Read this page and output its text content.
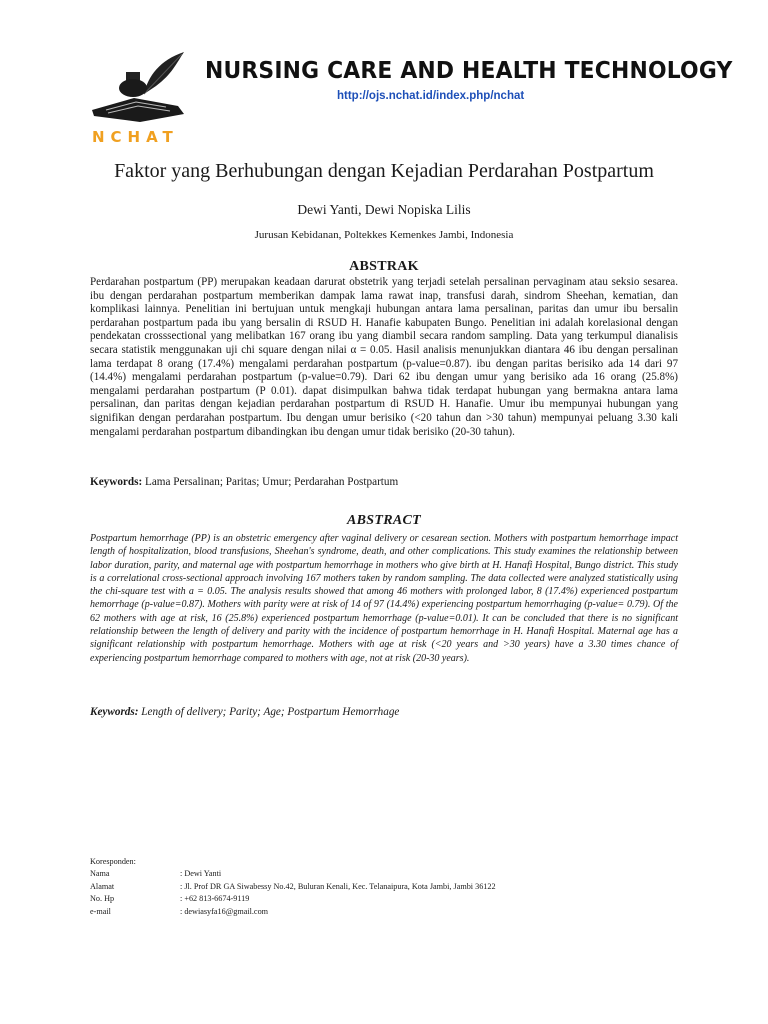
NCHAT
NURSING CARE AND HEALTH TECHNOLOGY
http://ojs.nchat.id/index.php/nchat
Faktor yang Berhubungan dengan Kejadian Perdarahan Postpartum
Dewi Yanti, Dewi Nopiska Lilis
Jurusan Kebidanan, Poltekkes Kemenkes Jambi, Indonesia
ABSTRAK

Perdarahan postpartum (PP) merupakan keadaan darurat obstetrik yang terjadi setelah persalinan pervaginam atau seksio sesarea. ibu dengan perdarahan postpartum memberikan dampak lama rawat inap, transfusi darah, sindrom Sheehan, kematian, dan komplikasi lainnya. Penelitian ini bertujuan untuk mengkaji hubungan antara lama persalinan, paritas dan umur ibu bersalin perdarahan postpartum pada ibu yang bersalin di RSUD H. Hanafie kabupaten Bungo. Penelitian ini adalah korelasional dengan pendekatan crosssectional yang melibatkan 167 orang ibu yang diambil secara random sampling. Data yang terkumpul dianalisis secara statistik menggunakan uji chi square dengan nilai α = 0.05. Hasil analisis menunjukkan diantara 46 ibu dengan persalinan lama terdapat 8 orang (17.4%) mengalami perdarahan postpartum (p-value=0.87). ibu dengan paritas berisiko ada 14 dari 97 (14.4%) mengalami perdarahan postpartum (p-value=0.79). Dari 62 ibu dengan umur yang berisiko ada 16 orang (25.8%) mengalami perdarahan postpartum (P 0.01). dapat disimpulkan bahwa tidak terdapat hubungan yang bermakna antara lama persalinan, dan paritas dengan kejadian perdarahan postpartum di RSUD H. Hanafie. Umur ibu mempunyai hubungan yang signifikan dengan perdarahan postpartum. Ibu dengan umur berisiko (<20 tahun dan >30 tahun) mempunyai peluang 3.30 kali mengalami perdarahan postpartum dibandingkan ibu dengan umur tidak berisiko (20-30 tahun).

Keywords: Lama Persalinan; Paritas; Umur; Perdarahan Postpartum
ABSTRACT

Postpartum hemorrhage (PP) is an obstetric emergency after vaginal delivery or cesarean section. Mothers with postpartum hemorrhage impact length of hospitalization, blood transfusions, Sheehan's syndrome, death, and other complications. This study examines the relationship between labor duration, parity, and maternal age with postpartum hemorrhage in mothers who give birth at H. Hanafi Hospital, Bungo district. This study is a correlational cross-sectional approach involving 167 mothers taken by random sampling. The data collected were analyzed statistically using the chi-square test with a = 0.05. The analysis results showed that among 46 mothers with prolonged labor, 8 (17.4%) experienced postpartum hemorrhage (p-value=0.87). Mothers with parity were at risk of 14 of 97 (14.4%) experiencing postpartum hemorrhaging (p-value= 0.79). Of the 62 mothers with age at risk, 16 (25.8%) experienced postpartum hemorrhage (p-value=0.01). It can be concluded that there is no significant relationship between the length of delivery and parity with the incidence of postpartum hemorrhage in H. Hanafi Hospital. Maternal age has a significant relationship with postpartum hemorrhage. Mothers with age at risk (<20 years and >30 years) have a 3.30 times chance of experiencing postpartum hemorrhage compared to mothers with age, not at risk (20-30 years).

Keywords: Length of delivery; Parity; Age; Postpartum Hemorrhage
Koresponden:
Nama	: Dewi Yanti
Alamat	: Jl. Prof DR GA Siwabessy No.42, Buluran Kenali, Kec. Telanaipura, Kota Jambi, Jambi 36122
No. Hp	: +62 813-6674-9119
e-mail	: dewiasyfa16@gmail.com
